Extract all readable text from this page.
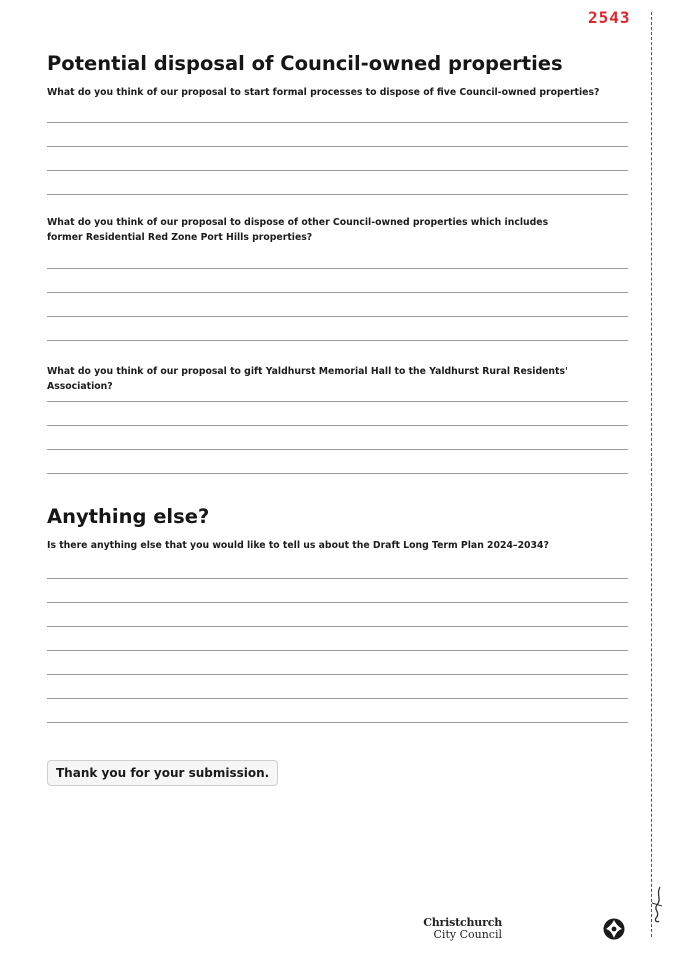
2543
Potential disposal of Council-owned properties

What do you think of our proposal to start formal processes to dispose of five Council-owned properties?

What do you think of our proposal to dispose of other Council-owned properties which includes former Residential Red Zone Port Hills properties?

What do you think of our proposal to gift Yaldhurst Memorial Hall to the Yaldhurst Rural Residents' Association?

Anything else?

Is there anything else that you would like to tell us about the Draft Long Term Plan 2024–2034?

Thank you for your submission.
Christchurch
City Council
